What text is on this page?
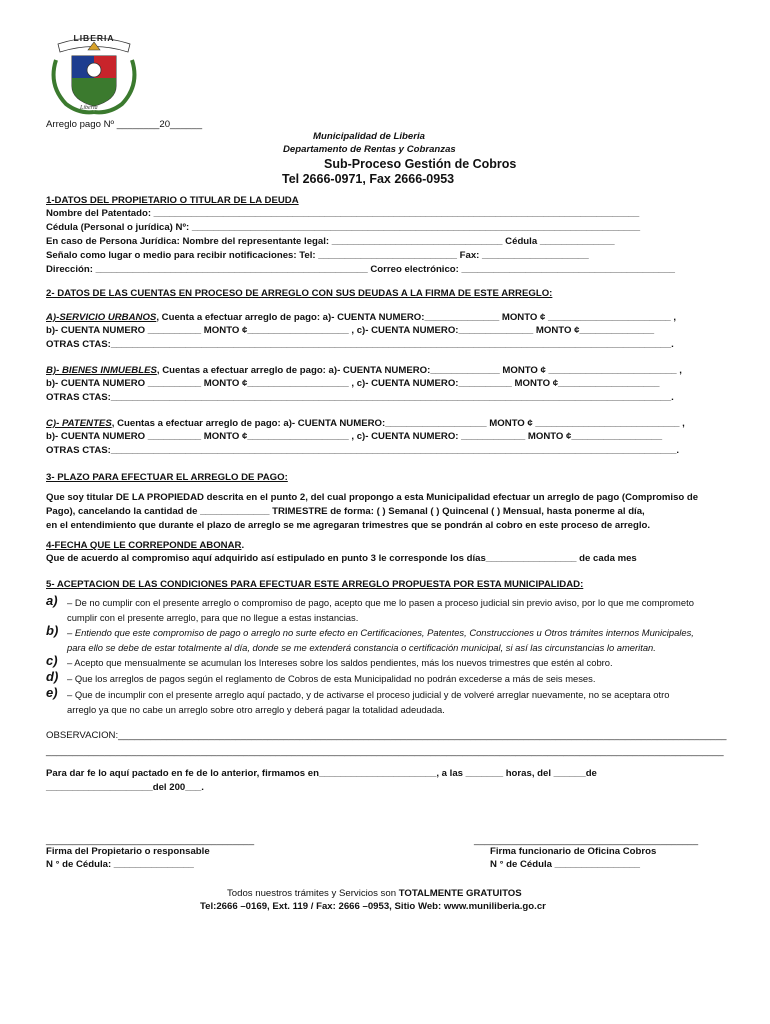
LIBERIA
Liberia
Arreglo pago Nº ________20______
Municipalidad de Liberia
Departamento de Rentas y Cobranzas
Sub-Proceso Gestión de Cobros
Tel 2666-0971, Fax 2666-0953
1-DATOS DEL PROPIETARIO O TITULAR DE LA DEUDA
Nombre del Patentado: ___________________________________________________________________________________________
Cédula (Personal o jurídica) Nº: ____________________________________________________________________________________
En caso de Persona Jurídica: Nombre del representante legal: ________________________________ Cédula ______________
Señalo como lugar o medio para recibir notificaciones: Tel: __________________________ Fax: ____________________
Dirección: ___________________________________________________ Correo electrónico: ________________________________________
2- DATOS DE LAS CUENTAS EN PROCESO DE ARREGLO CON SUS DEUDAS A LA FIRMA DE ESTE ARREGLO:
A)-SERVICIO URBANOS, Cuenta a efectuar arreglo de pago: a)- CUENTA NUMERO:______________ MONTO ¢ _______________________ ,
b)- CUENTA NUMERO __________ MONTO ¢___________________ , c)- CUENTA NUMERO:______________ MONTO ¢______________
OTRAS CTAS:_________________________________________________________________________________________________________.
B)- BIENES INMUEBLES, Cuentas a efectuar arreglo de pago: a)- CUENTA NUMERO:_____________ MONTO ¢ ________________________ ,
b)- CUENTA NUMERO __________ MONTO ¢___________________ , c)- CUENTA NUMERO:__________ MONTO ¢___________________
OTRAS CTAS:_________________________________________________________________________________________________________.
C)- PATENTES, Cuentas a efectuar arreglo de pago: a)- CUENTA NUMERO:___________________ MONTO ¢ ___________________________ ,
b)- CUENTA NUMERO __________ MONTO ¢___________________ , c)- CUENTA NUMERO: ____________ MONTO ¢_________________
OTRAS CTAS:__________________________________________________________________________________________________________.
3- PLAZO PARA EFECTUAR EL ARREGLO DE PAGO:
Que soy titular DE LA PROPIEDAD descrita en el punto 2, del cual propongo a esta Municipalidad efectuar un arreglo de pago (Compromiso de
Pago), cancelando la cantidad de _____________ TRIMESTRE de forma: ( ) Semanal ( ) Quincenal ( ) Mensual, hasta ponerme al día,
en el entendimiento que durante el plazo de arreglo se me agregaran trimestres que se pondrán al cobro en este proceso de arreglo.
4-FECHA QUE LE CORREPONDE ABONAR.
Que de acuerdo al compromiso aquí adquirido así estipulado en punto 3 le corresponde los días_________________ de cada mes
5- ACEPTACION DE LAS CONDICIONES PARA EFECTUAR ESTE ARREGLO PROPUESTA POR ESTA MUNICIPALIDAD:
a) – De no cumplir con el presente arreglo o compromiso de pago, acepto que me lo pasen a proceso judicial sin previo aviso, por lo que me comprometo
cumplir con el presente arreglo, para que no llegue a estas instancias.
b) – Entiendo que este compromiso de pago o arreglo no surte efecto en Certificaciones, Patentes, Construcciones u Otros trámites internos Municipales,
para ello se debe de estar totalmente al día, donde se me extenderá constancia o certificación municipal, si así las circunstancias lo ameritan.
c) – Acepto que mensualmente se acumulan los Intereses sobre los saldos pendientes, más los nuevos trimestres que estén al cobro.
d) – Que los arreglos de pagos según el reglamento de Cobros de esta Municipalidad no podrán excederse a más de seis meses.
e) – Que de incumplir con el presente arreglo aquí pactado, y de activarse el proceso judicial y de volveré arreglar nuevamente, no se aceptara otro
arreglo ya que no cabe un arreglo sobre otro arreglo y deberá pagar la totalidad adeudada.
OBSERVACION:__________________________________________________________________________________________________________________
_______________________________________________________________________________________________________________________________
Para dar fe lo aquí pactado en fe de lo anterior, firmamos en______________________, a las _______ horas, del ______de
____________________del 200___.
_______________________________________
Firma del Propietario o responsable
N ° de Cédula: _______________
__________________________________________
Firma funcionario de Oficina Cobros
N ° de Cédula ________________
Todos nuestros trámites y Servicios son TOTALMENTE GRATUITOS
Tel:2666 –0169, Ext. 119 / Fax: 2666 –0953, Sitio Web: www.muniliberia.go.cr
